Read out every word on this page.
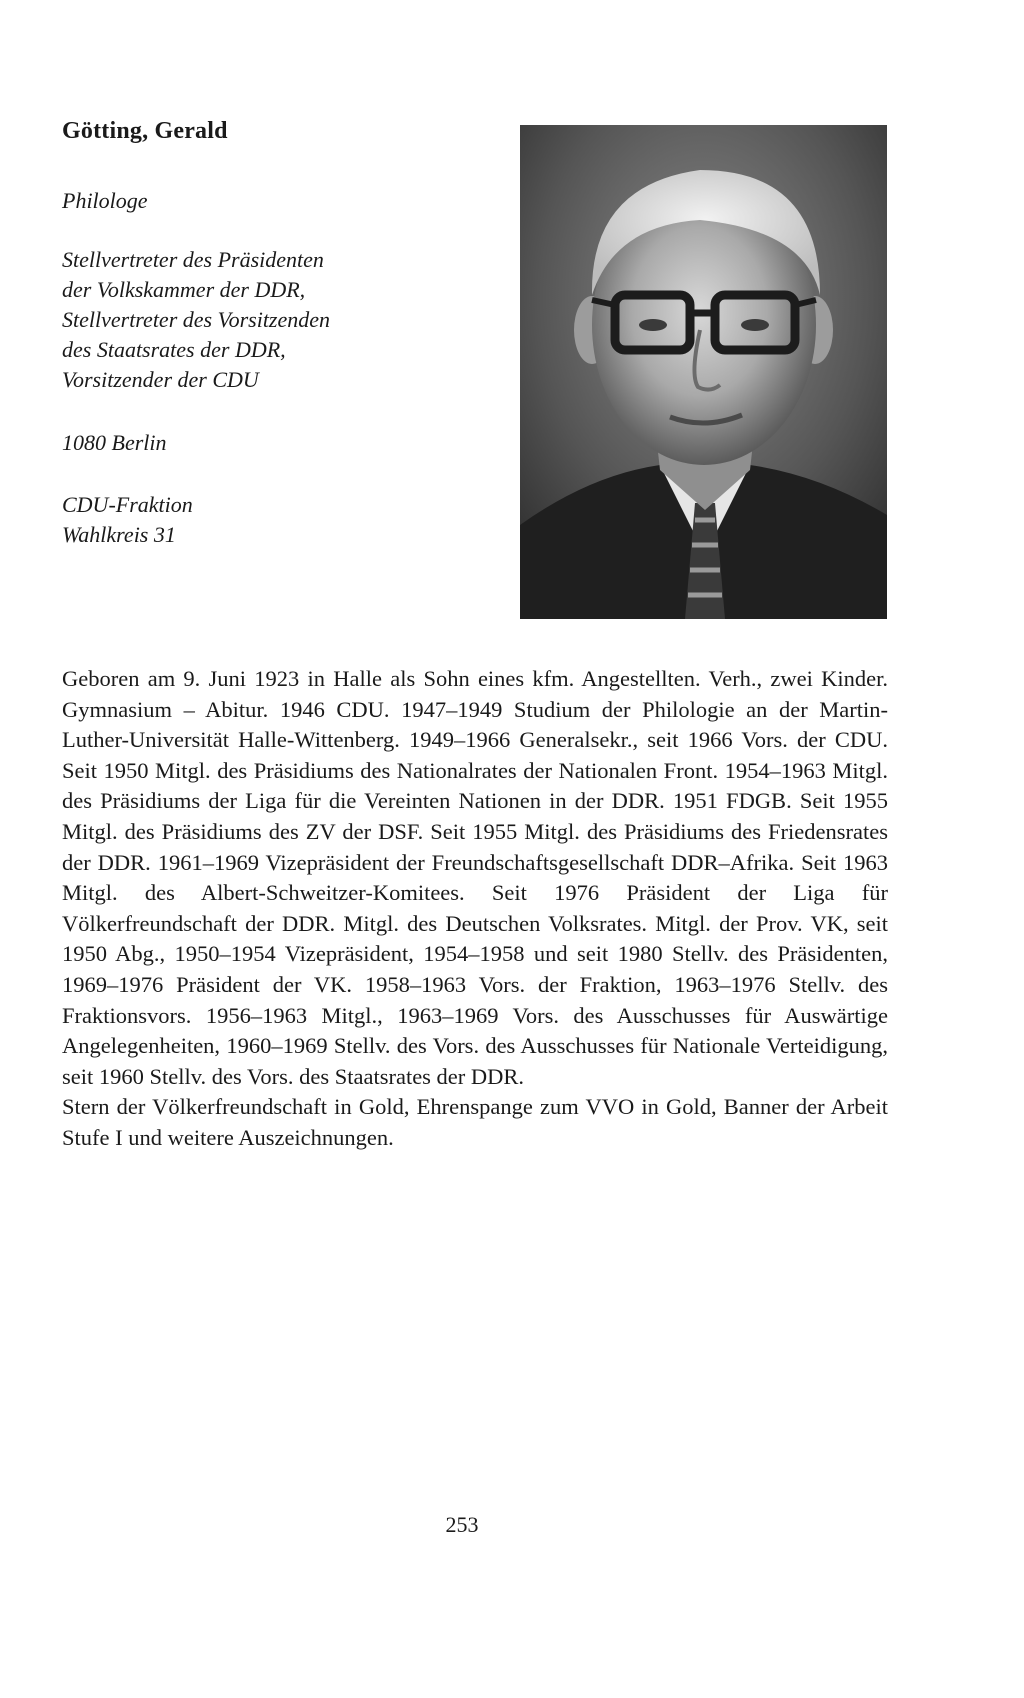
Götting, Gerald
Philologe
Stellvertreter des Präsidenten
der Volkskammer der DDR,
Stellvertreter des Vorsitzenden
des Staatsrates der DDR,
Vorsitzender der CDU
1080 Berlin
CDU-Fraktion
Wahlkreis 31

Geboren am 9. Juni 1923 in Halle als Sohn eines kfm. Angestellten. Verh., zwei Kinder. Gymnasium – Abitur. 1946 CDU. 1947–1949 Studium der Philologie an der Martin-Luther-Universität Halle-Wittenberg. 1949–1966 Generalsekr., seit 1966 Vors. der CDU. Seit 1950 Mitgl. des Präsidiums des Nationalrates der Nationalen Front. 1954–1963 Mitgl. des Präsidiums der Liga für die Vereinten Nationen in der DDR. 1951 FDGB. Seit 1955 Mitgl. des Präsidiums des ZV der DSF. Seit 1955 Mitgl. des Präsidiums des Friedensrates der DDR. 1961–1969 Vizepräsident der Freundschaftsgesellschaft DDR–Afrika. Seit 1963 Mitgl. des Albert-Schweitzer-Komitees. Seit 1976 Präsident der Liga für Völkerfreundschaft der DDR. Mitgl. des Deutschen Volksrates. Mitgl. der Prov. VK, seit 1950 Abg., 1950–1954 Vizepräsident, 1954–1958 und seit 1980 Stellv. des Präsidenten, 1969–1976 Präsident der VK. 1958–1963 Vors. der Fraktion, 1963–1976 Stellv. des Fraktionsvors. 1956–1963 Mitgl., 1963–1969 Vors. des Ausschusses für Auswärtige Angelegenheiten, 1960–1969 Stellv. des Vors. des Ausschusses für Nationale Verteidigung, seit 1960 Stellv. des Vors. des Staatsrates der DDR.

Stern der Völkerfreundschaft in Gold, Ehrenspange zum VVO in Gold, Banner der Arbeit Stufe I und weitere Auszeichnungen.

253
